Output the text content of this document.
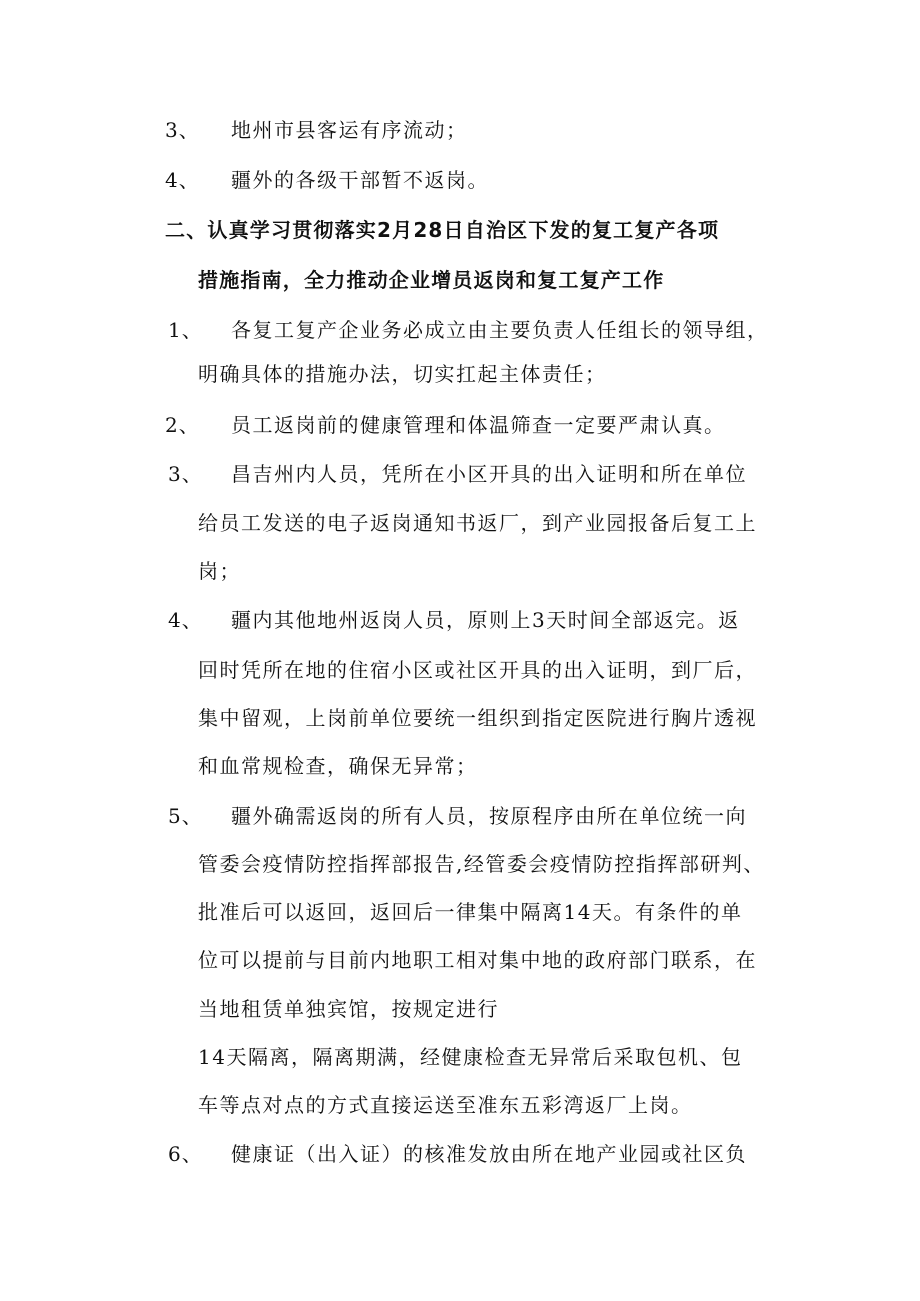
3、 地州市县客运有序流动；
4、 疆外的各级干部暂不返岗。
二、认真学习贯彻落实2月28日自治区下发的复工复产各项
措施指南，全力推动企业增员返岗和复工复产工作
1、 各复工复产企业务必成立由主要负责人任组长的领导组，
明确具体的措施办法，切实扛起主体责任；
2、 员工返岗前的健康管理和体温筛查一定要严肃认真。
3、 昌吉州内人员，凭所在小区开具的出入证明和所在单位
给员工发送的电子返岗通知书返厂，到产业园报备后复工上
岗；
4、 疆内其他地州返岗人员，原则上3天时间全部返完。返
回时凭所在地的住宿小区或社区开具的出入证明，到厂后，
集中留观，上岗前单位要统一组织到指定医院进行胸片透视
和血常规检查，确保无异常；
5、 疆外确需返岗的所有人员，按原程序由所在单位统一向
管委会疫情防控指挥部报告,经管委会疫情防控指挥部研判、
批准后可以返回，返回后一律集中隔离14天。有条件的单
位可以提前与目前内地职工相对集中地的政府部门联系，在
当地租赁单独宾馆，按规定进行
14天隔离，隔离期满，经健康检查无异常后采取包机、包
车等点对点的方式直接运送至准东五彩湾返厂上岗。
6、 健康证（出入证）的核准发放由所在地产业园或社区负
